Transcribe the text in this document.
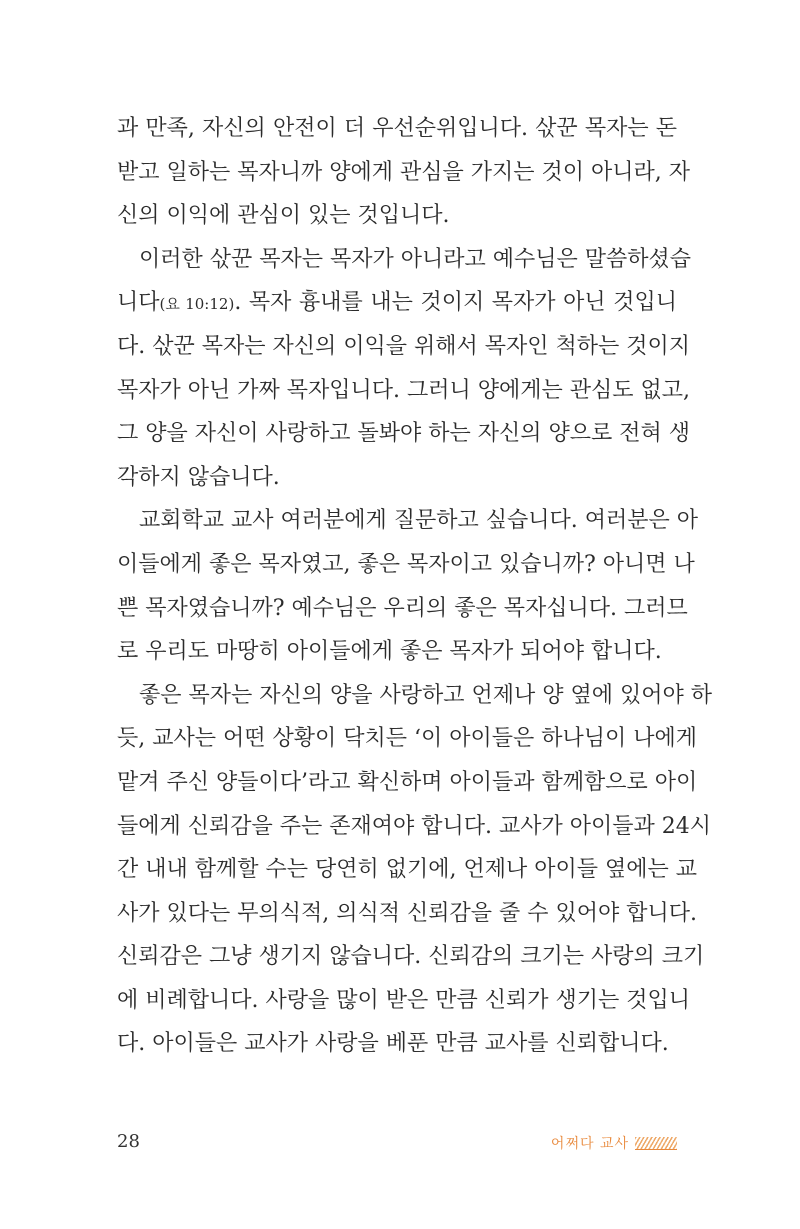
과 만족, 자신의 안전이 더 우선순위입니다. 삯꾼 목자는 돈
받고 일하는 목자니까 양에게 관심을 가지는 것이 아니라, 자
신의 이익에 관심이 있는 것입니다.
이러한 삯꾼 목자는 목자가 아니라고 예수님은 말씀하셨습
니다(요 10:12). 목자 흉내를 내는 것이지 목자가 아닌 것입니
다. 삯꾼 목자는 자신의 이익을 위해서 목자인 척하는 것이지
목자가 아닌 가짜 목자입니다. 그러니 양에게는 관심도 없고,
그 양을 자신이 사랑하고 돌봐야 하는 자신의 양으로 전혀 생
각하지 않습니다.
교회학교 교사 여러분에게 질문하고 싶습니다. 여러분은 아
이들에게 좋은 목자였고, 좋은 목자이고 있습니까? 아니면 나
쁜 목자였습니까? 예수님은 우리의 좋은 목자십니다. 그러므
로 우리도 마땅히 아이들에게 좋은 목자가 되어야 합니다.
좋은 목자는 자신의 양을 사랑하고 언제나 양 옆에 있어야 하
듯, 교사는 어떤 상황이 닥치든 ‘이 아이들은 하나님이 나에게
맡겨 주신 양들이다’라고 확신하며 아이들과 함께함으로 아이
들에게 신뢰감을 주는 존재여야 합니다. 교사가 아이들과 24시
간 내내 함께할 수는 당연히 없기에, 언제나 아이들 옆에는 교
사가 있다는 무의식적, 의식적 신뢰감을 줄 수 있어야 합니다.
신뢰감은 그냥 생기지 않습니다. 신뢰감의 크기는 사랑의 크기
에 비례합니다. 사랑을 많이 받은 만큼 신뢰가 생기는 것입니
다. 아이들은 교사가 사랑을 베푼 만큼 교사를 신뢰합니다.
28	어쩌다 교사
